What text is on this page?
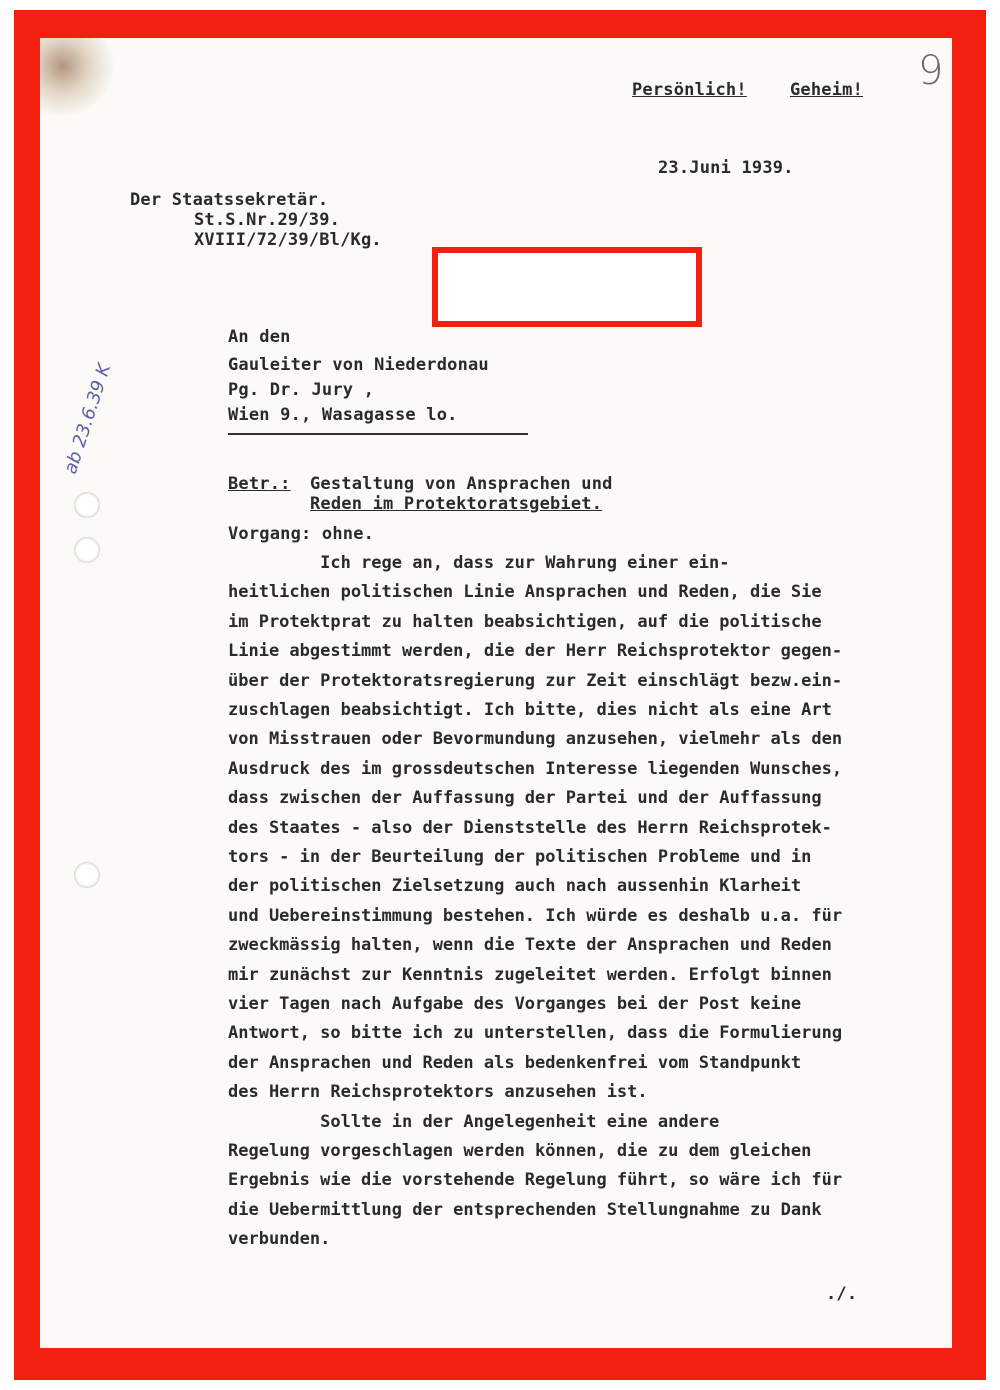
Persönlich!	Geheim! 9
23.Juni 1939.
Der Staatssekretär.
St.S.Nr.29/39.
XVIII/72/39/Bl/Kg.
An den
Gauleiter von Niederdonau
Pg. Dr. Jury ,
Wien 9., Wasagasse lo.
ab 23.6.39 K
Betr.: Gestaltung von Ansprachen und
Reden im Protektoratsgebiet.
Vorgang: ohne.
Ich rege an, dass zur Wahrung einer ein-
heitlichen politischen Linie Ansprachen und Reden, die Sie
im Protektprat zu halten beabsichtigen, auf die politische
Linie abgestimmt werden, die der Herr Reichsprotektor gegen-
über der Protektoratsregierung zur Zeit einschlägt bezw.ein-
zuschlagen beabsichtigt. Ich bitte, dies nicht als eine Art
von Misstrauen oder Bevormundung anzusehen, vielmehr als den
Ausdruck des im grossdeutschen Interesse liegenden Wunsches,
dass zwischen der Auffassung der Partei und der Auffassung
des Staates - also der Dienststelle des Herrn Reichsprotek-
tors - in der Beurteilung der politischen Probleme und in
der politischen Zielsetzung auch nach aussenhin Klarheit
und Uebereinstimmung bestehen. Ich würde es deshalb u.a. für
zweckmässig halten, wenn die Texte der Ansprachen und Reden
mir zunächst zur Kenntnis zugeleitet werden. Erfolgt binnen
vier Tagen nach Aufgabe des Vorganges bei der Post keine
Antwort, so bitte ich zu unterstellen, dass die Formulierung
der Ansprachen und Reden als bedenkenfrei vom Standpunkt
des Herrn Reichsprotektors anzusehen ist.
Sollte in der Angelegenheit eine andere
Regelung vorgeschlagen werden können, die zu dem gleichen
Ergebnis wie die vorstehende Regelung führt, so wäre ich für
die Uebermittlung der entsprechenden Stellungnahme zu Dank
verbunden.
./.
